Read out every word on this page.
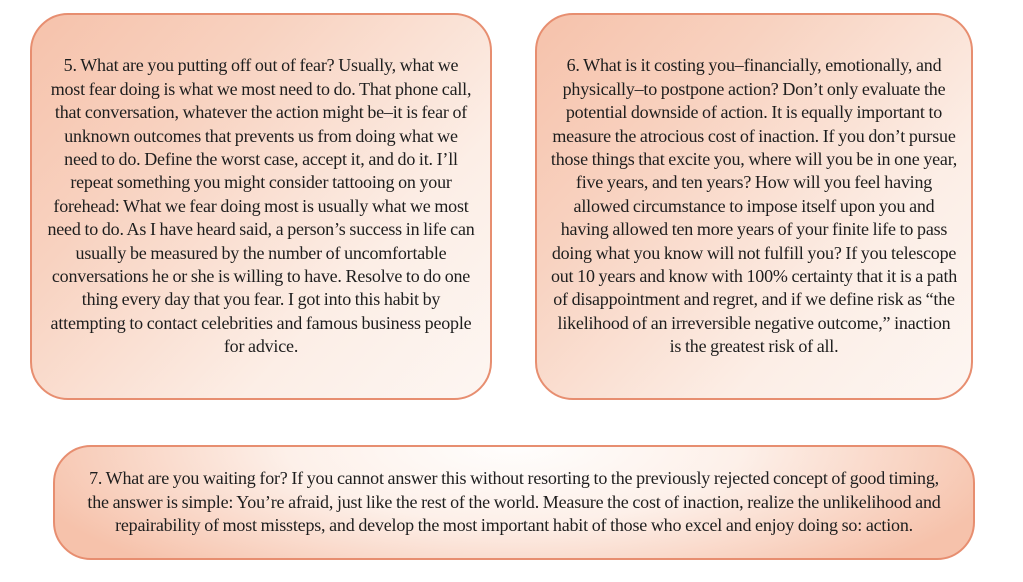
5. What are you putting off out of fear? Usually, what we most fear doing is what we most need to do. That phone call, that conversation, whatever the action might be–it is fear of unknown outcomes that prevents us from doing what we need to do. Define the worst case, accept it, and do it. I’ll repeat something you might consider tattooing on your forehead: What we fear doing most is usually what we most need to do. As I have heard said, a person’s success in life can usually be measured by the number of uncomfortable conversations he or she is willing to have. Resolve to do one thing every day that you fear. I got into this habit by attempting to contact celebrities and famous business people for advice.

6. What is it costing you–financially, emotionally, and physically–to postpone action? Don’t only evaluate the potential downside of action. It is equally important to measure the atrocious cost of inaction. If you don’t pursue those things that excite you, where will you be in one year, five years, and ten years? How will you feel having allowed circumstance to impose itself upon you and having allowed ten more years of your finite life to pass doing what you know will not fulfill you? If you telescope out 10 years and know with 100% certainty that it is a path of disappointment and regret, and if we define risk as “the likelihood of an irreversible negative outcome,” inaction is the greatest risk of all.

7. What are you waiting for? If you cannot answer this without resorting to the previously rejected concept of good timing, the answer is simple: You’re afraid, just like the rest of the world. Measure the cost of inaction, realize the unlikelihood and repairability of most missteps, and develop the most important habit of those who excel and enjoy doing so: action.
